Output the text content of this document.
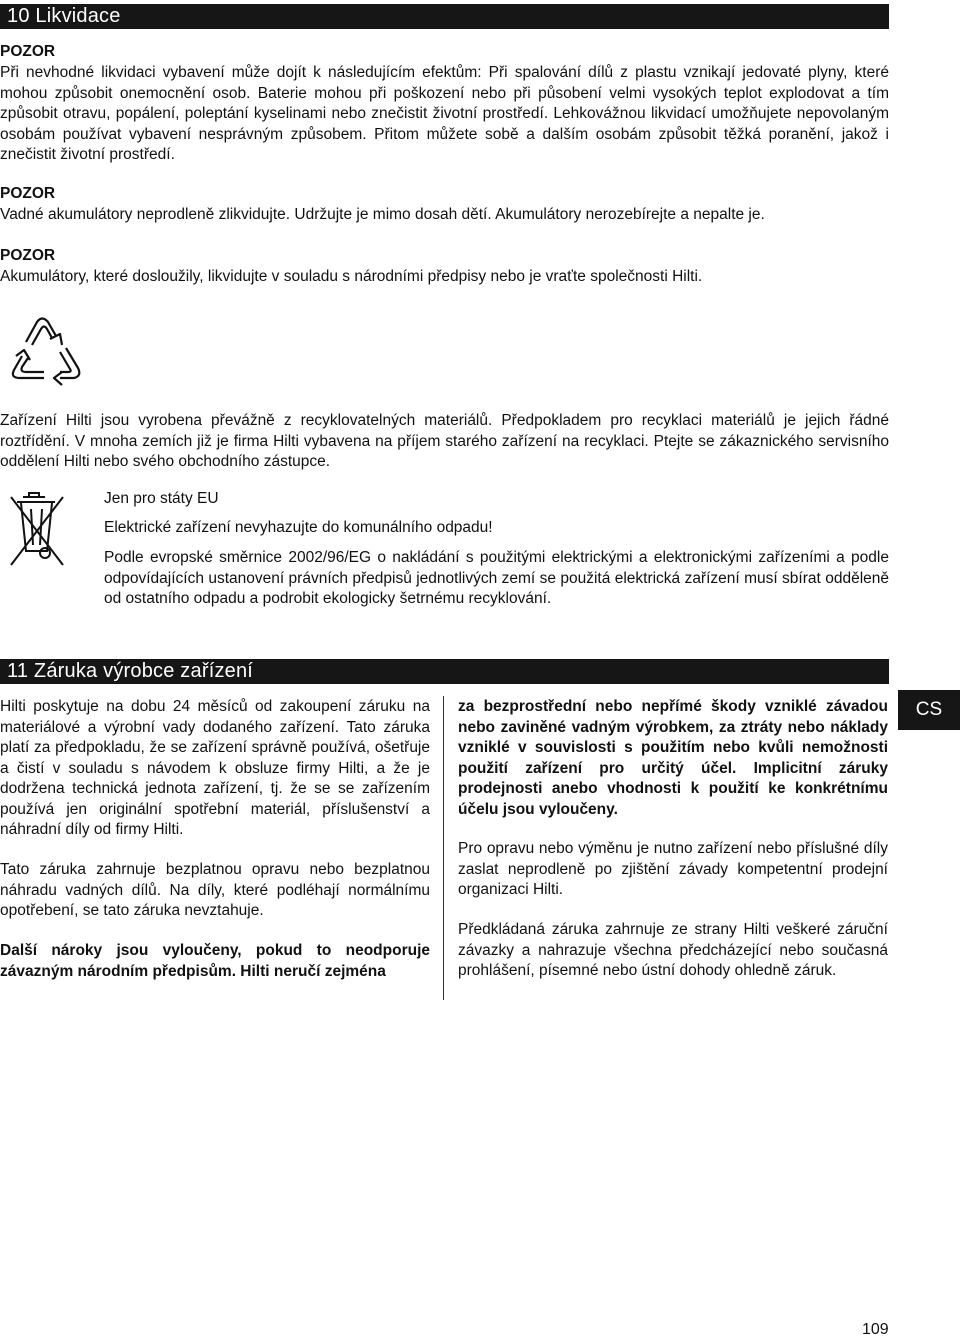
10 Likvidace
POZOR
Při nevhodné likvidaci vybavení může dojít k následujícím efektům: Při spalování dílů z plastu vznikají jedovaté plyny, které mohou způsobit onemocnění osob. Baterie mohou při poškození nebo při působení velmi vysokých teplot explodovat a tím způsobit otravu, popálení, poleptání kyselinami nebo znečistit životní prostředí. Lehkovážnou likvidací umožňujete nepovolaným osobám používat vybavení nesprávným způsobem. Přitom můžete sobě a dalším osobám způsobit těžká poranění, jakož i znečistit životní prostředí.
POZOR
Vadné akumulátory neprodleně zlikvidujte. Udržujte je mimo dosah dětí. Akumulátory nerozebírejte a nepalte je.
POZOR
Akumulátory, které dosloužily, likvidujte v souladu s národními předpisy nebo je vraťte společnosti Hilti.
Zařízení Hilti jsou vyrobena převážně z recyklovatelných materiálů. Předpokladem pro recyklaci materiálů je jejich řádné roztřídění. V mnoha zemích již je firma Hilti vybavena na příjem starého zařízení na recyklaci. Ptejte se zákaznického servisního oddělení Hilti nebo svého obchodního zástupce.
Jen pro státy EU
Elektrické zařízení nevyhazujte do komunálního odpadu!
Podle evropské směrnice 2002/96/EG o nakládání s použitými elektrickými a elektronickými zařízeními a podle odpovídajících ustanovení právních předpisů jednotlivých zemí se použitá elektrická zařízení musí sbírat odděleně od ostatního odpadu a podrobit ekologicky šetrnému recyklování.
11 Záruka výrobce zařízení
Hilti poskytuje na dobu 24 měsíců od zakoupení záruku na materiálové a výrobní vady dodaného zařízení. Tato záruka platí za předpokladu, že se zařízení správně používá, ošetřuje a čistí v souladu s návodem k obsluze firmy Hilti, a že je dodržena technická jednota zařízení, tj. že se se zařízením používá jen originální spotřební materiál, příslušenství a náhradní díly od firmy Hilti.
Tato záruka zahrnuje bezplatnou opravu nebo bezplatnou náhradu vadných dílů. Na díly, které podléhají normálnímu opotřebení, se tato záruka nevztahuje.
Další nároky jsou vyloučeny, pokud to neodporuje závazným národním předpisům. Hilti neručí zejména
za bezprostřední nebo nepřímé škody vzniklé závadou nebo zaviněné vadným výrobkem, za ztráty nebo náklady vzniklé v souvislosti s použitím nebo kvůli nemožnosti použití zařízení pro určitý účel. Implicitní záruky prodejnosti anebo vhodnosti k použití ke konkrétnímu účelu jsou vyloučeny.
Pro opravu nebo výměnu je nutno zařízení nebo příslušné díly zaslat neprodleně po zjištění závady kompetentní prodejní organizaci Hilti.
Předkládaná záruka zahrnuje ze strany Hilti veškeré záruční závazky a nahrazuje všechna předcházející nebo současná prohlášení, písemné nebo ústní dohody ohledně záruk.
CS
109
